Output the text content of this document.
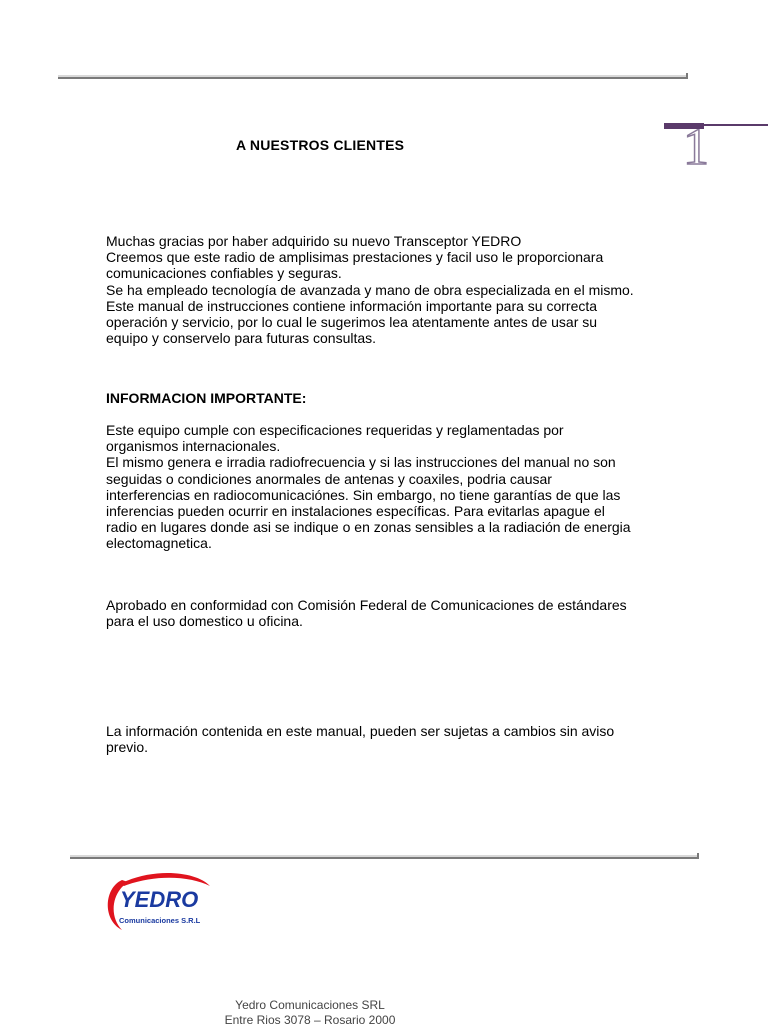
1
A NUESTROS CLIENTES
Muchas gracias por haber adquirido su nuevo Transceptor YEDRO
Creemos que este radio de amplisimas prestaciones y facil uso le proporcionara
comunicaciones confiables y seguras.
Se ha empleado tecnología de avanzada y mano de obra especializada en el mismo.
Este manual de instrucciones contiene información importante para su correcta
operación y servicio, por lo cual le sugerimos lea atentamente antes de usar su
equipo y conservelo para futuras consultas.
INFORMACION IMPORTANTE:
Este equipo cumple con especificaciones requeridas y reglamentadas por
organismos internacionales.
El mismo genera e irradia radiofrecuencia y si las instrucciones del manual no son
seguidas o condiciones anormales de antenas y coaxiles, podria causar
interferencias en radiocomunicaciónes. Sin embargo, no tiene garantías de que las
inferencias pueden ocurrir en instalaciones específicas. Para evitarlas apague el
radio en lugares donde asi se indique o en zonas sensibles a la radiación de energia
electomagnetica.
Aprobado en conformidad con Comisión Federal de Comunicaciones de estándares
para el uso domestico u oficina.
La información contenida en este manual, pueden ser sujetas a cambios sin aviso
previo.
YEDRO
Comunicaciones S.R.L
Yedro Comunicaciones SRL
Entre Rios 3078 – Rosario 2000
